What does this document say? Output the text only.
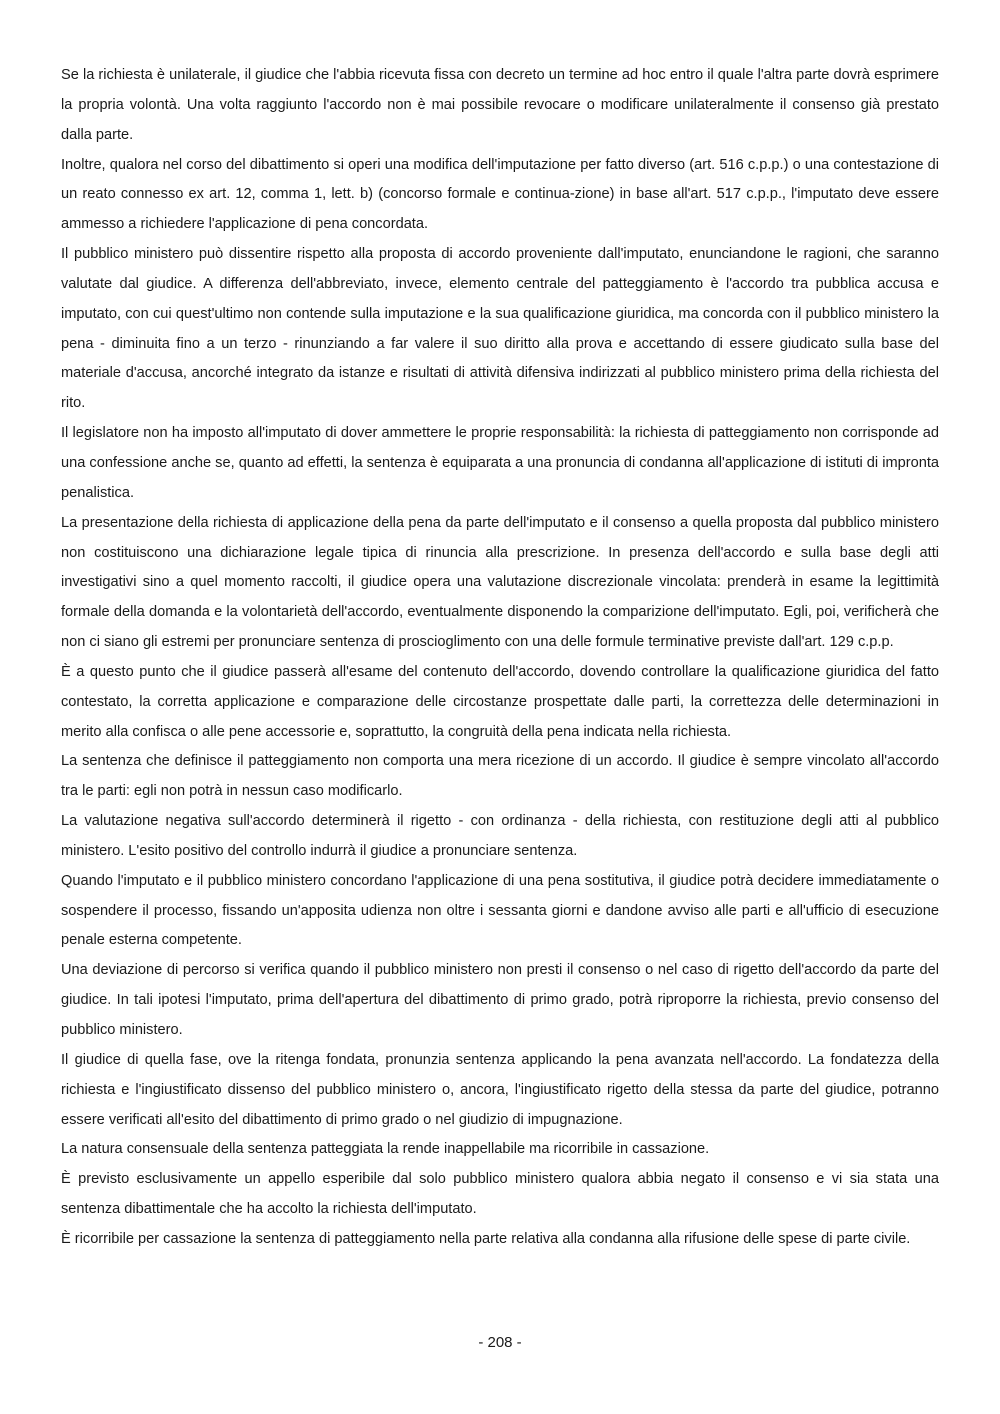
Se la richiesta è unilaterale, il giudice che l'abbia ricevuta fissa con decreto un termine ad hoc entro il quale l'altra parte dovrà esprimere la propria volontà. Una volta raggiunto l'accordo non è mai possibile revocare o modificare unilateralmente il consenso già prestato dalla parte.

Inoltre, qualora nel corso del dibattimento si operi una modifica dell'imputazione per fatto diverso (art. 516 c.p.p.) o una contestazione di un reato connesso ex art. 12, comma 1, lett. b) (concorso formale e continua-zione) in base all'art. 517 c.p.p., l'imputato deve essere ammesso a richiedere l'applicazione di pena concordata.

Il pubblico ministero può dissentire rispetto alla proposta di accordo proveniente dall'imputato, enunciandone le ragioni, che saranno valutate dal giudice. A differenza dell'abbreviato, invece, elemento centrale del patteggiamento è l'accordo tra pubblica accusa e imputato, con cui quest'ultimo non contende sulla imputazione e la sua qualificazione giuridica, ma concorda con il pubblico ministero la pena - diminuita fino a un terzo - rinunziando a far valere il suo diritto alla prova e accettando di essere giudicato sulla base del materiale d'accusa, ancorché integrato da istanze e risultati di attività difensiva indirizzati al pubblico ministero prima della richiesta del rito.

Il legislatore non ha imposto all'imputato di dover ammettere le proprie responsabilità: la richiesta di patteggiamento non corrisponde ad una confessione anche se, quanto ad effetti, la sentenza è equiparata a una pronuncia di condanna all'applicazione di istituti di impronta penalistica.

La presentazione della richiesta di applicazione della pena da parte dell'imputato e il consenso a quella proposta dal pubblico ministero non costituiscono una dichiarazione legale tipica di rinuncia alla prescrizione. In presenza dell'accordo e sulla base degli atti investigativi sino a quel momento raccolti, il giudice opera una valutazione discrezionale vincolata: prenderà in esame la legittimità formale della domanda e la volontarietà dell'accordo, eventualmente disponendo la comparizione dell'imputato. Egli, poi, verificherà che non ci siano gli estremi per pronunciare sentenza di proscioglimento con una delle formule terminative previste dall'art. 129 c.p.p.

È a questo punto che il giudice passerà all'esame del contenuto dell'accordo, dovendo controllare la qualificazione giuridica del fatto contestato, la corretta applicazione e comparazione delle circostanze prospettate dalle parti, la correttezza delle determinazioni in merito alla confisca o alle pene accessorie e, soprattutto, la congruità della pena indicata nella richiesta.

La sentenza che definisce il patteggiamento non comporta una mera ricezione di un accordo. Il giudice è sempre vincolato all'accordo tra le parti: egli non potrà in nessun caso modificarlo.

La valutazione negativa sull'accordo determinerà il rigetto - con ordinanza - della richiesta, con restituzione degli atti al pubblico ministero. L'esito positivo del controllo indurrà il giudice a pronunciare sentenza.

Quando l'imputato e il pubblico ministero concordano l'applicazione di una pena sostitutiva, il giudice potrà decidere immediatamente o sospendere il processo, fissando un'apposita udienza non oltre i sessanta giorni e dandone avviso alle parti e all'ufficio di esecuzione penale esterna competente.

Una deviazione di percorso si verifica quando il pubblico ministero non presti il consenso o nel caso di rigetto dell'accordo da parte del giudice. In tali ipotesi l'imputato, prima dell'apertura del dibattimento di primo grado, potrà riproporre la richiesta, previo consenso del pubblico ministero.

Il giudice di quella fase, ove la ritenga fondata, pronunzia sentenza applicando la pena avanzata nell'accordo. La fondatezza della richiesta e l'ingiustificato dissenso del pubblico ministero o, ancora, l'ingiustificato rigetto della stessa da parte del giudice, potranno essere verificati all'esito del dibattimento di primo grado o nel giudizio di impugnazione.

La natura consensuale della sentenza patteggiata la rende inappellabile ma ricorribile in cassazione.

È previsto esclusivamente un appello esperibile dal solo pubblico ministero qualora abbia negato il consenso e vi sia stata una sentenza dibattimentale che ha accolto la richiesta dell'imputato.

È ricorribile per cassazione la sentenza di patteggiamento nella parte relativa alla condanna alla rifusione delle spese di parte civile.

- 208 -
